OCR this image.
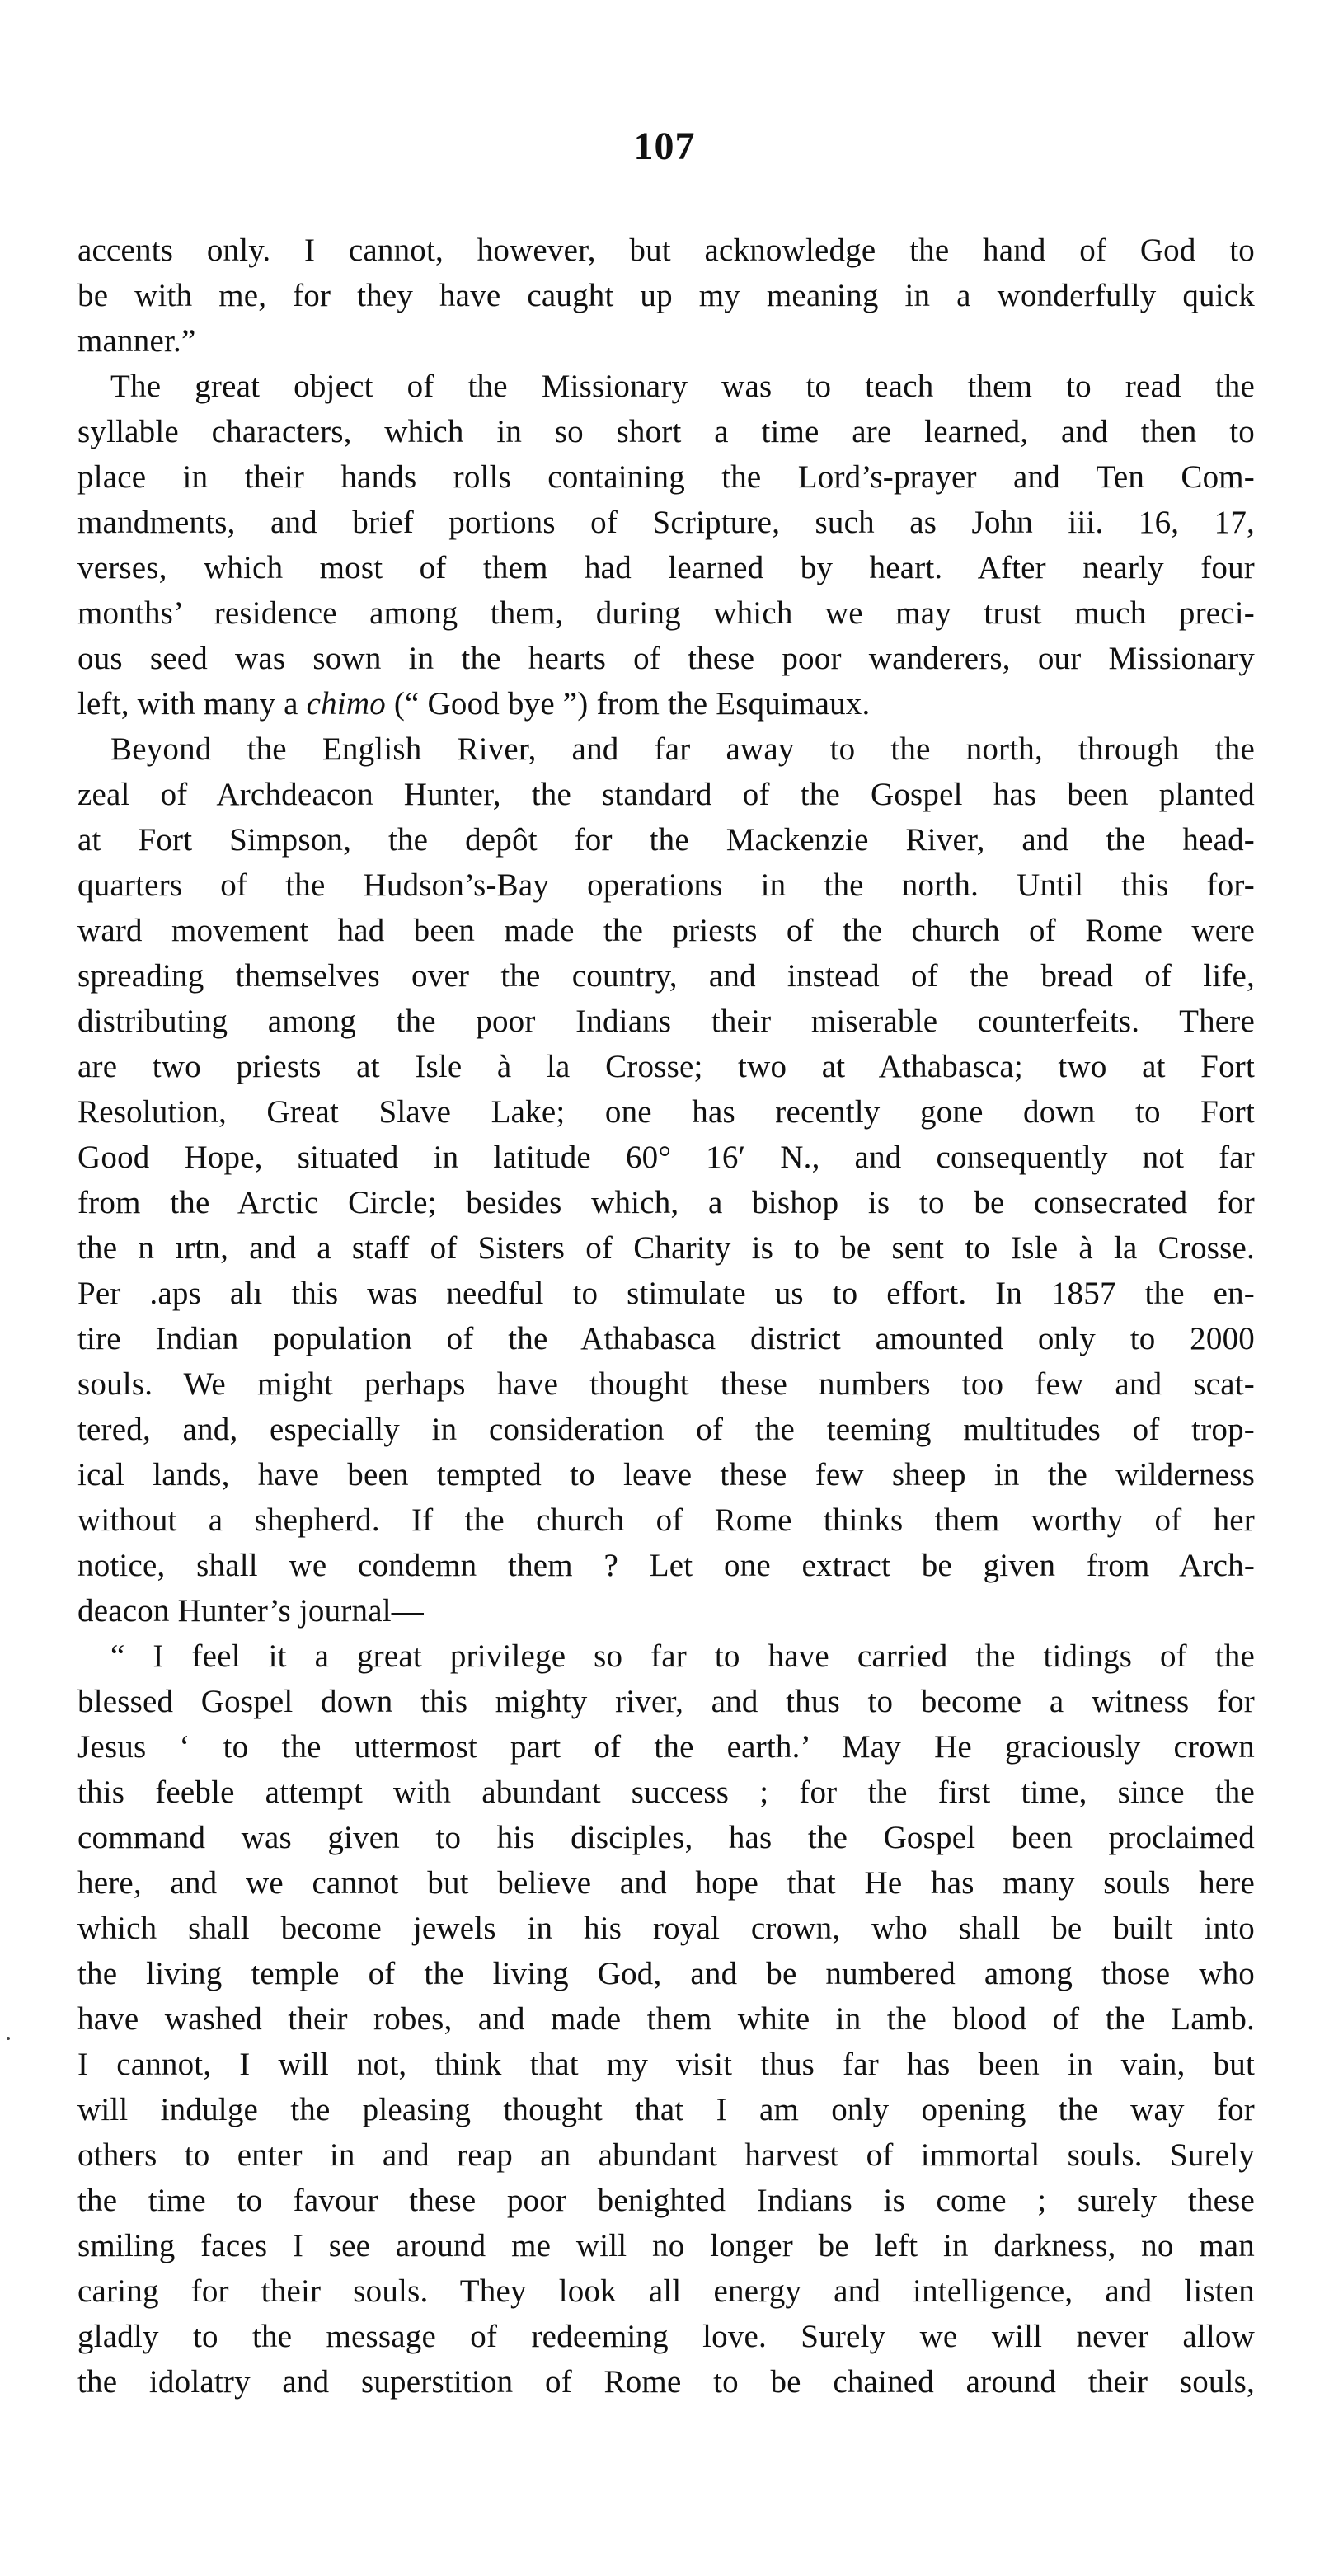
107
accents only. I cannot, however, but acknowledge the hand of God to
be with me, for they have caught up my meaning in a wonderfully quick
manner.”
The great object of the Missionary was to teach them to read the
syllable characters, which in so short a time are learned, and then to
place in their hands rolls containing the Lord’s-prayer and Ten Com-
mandments, and brief portions of Scripture, such as John iii. 16, 17,
verses, which most of them had learned by heart. After nearly four
months’ residence among them, during which we may trust much preci-
ous seed was sown in the hearts of these poor wanderers, our Missionary
left, with many a chimo (“ Good bye ”) from the Esquimaux.
Beyond the English River, and far away to the north, through the
zeal of Archdeacon Hunter, the standard of the Gospel has been planted
at Fort Simpson, the depôt for the Mackenzie River, and the head-
quarters of the Hudson’s-Bay operations in the north. Until this for-
ward movement had been made the priests of the church of Rome were
spreading themselves over the country, and instead of the bread of life,
distributing among the poor Indians their miserable counterfeits. There
are two priests at Isle à la Crosse; two at Athabasca; two at Fort
Resolution, Great Slave Lake; one has recently gone down to Fort
Good Hope, situated in latitude 60° 16′ N., and consequently not far
from the Arctic Circle; besides which, a bishop is to be consecrated for
the n ırtn, and a staff of Sisters of Charity is to be sent to Isle à la Crosse.
Per .aps alı this was needful to stimulate us to effort. In 1857 the en-
tire Indian population of the Athabasca district amounted only to 2000
souls. We might perhaps have thought these numbers too few and scat-
tered, and, especially in consideration of the teeming multitudes of trop-
ical lands, have been tempted to leave these few sheep in the wilderness
without a shepherd. If the church of Rome thinks them worthy of her
notice, shall we condemn them ? Let one extract be given from Arch-
deacon Hunter’s journal—
“ I feel it a great privilege so far to have carried the tidings of the
blessed Gospel down this mighty river, and thus to become a witness for
Jesus ‘ to the uttermost part of the earth.’ May He graciously crown
this feeble attempt with abundant success ; for the first time, since the
command was given to his disciples, has the Gospel been proclaimed
here, and we cannot but believe and hope that He has many souls here
which shall become jewels in his royal crown, who shall be built into
the living temple of the living God, and be numbered among those who
have washed their robes, and made them white in the blood of the Lamb.
I cannot, I will not, think that my visit thus far has been in vain, but
will indulge the pleasing thought that I am only opening the way for
others to enter in and reap an abundant harvest of immortal souls. Surely
the time to favour these poor benighted Indians is come ; surely these
smiling faces I see around me will no longer be left in darkness, no man
caring for their souls. They look all energy and intelligence, and listen
gladly to the message of redeeming love. Surely we will never allow
the idolatry and superstition of Rome to be chained around their souls,
